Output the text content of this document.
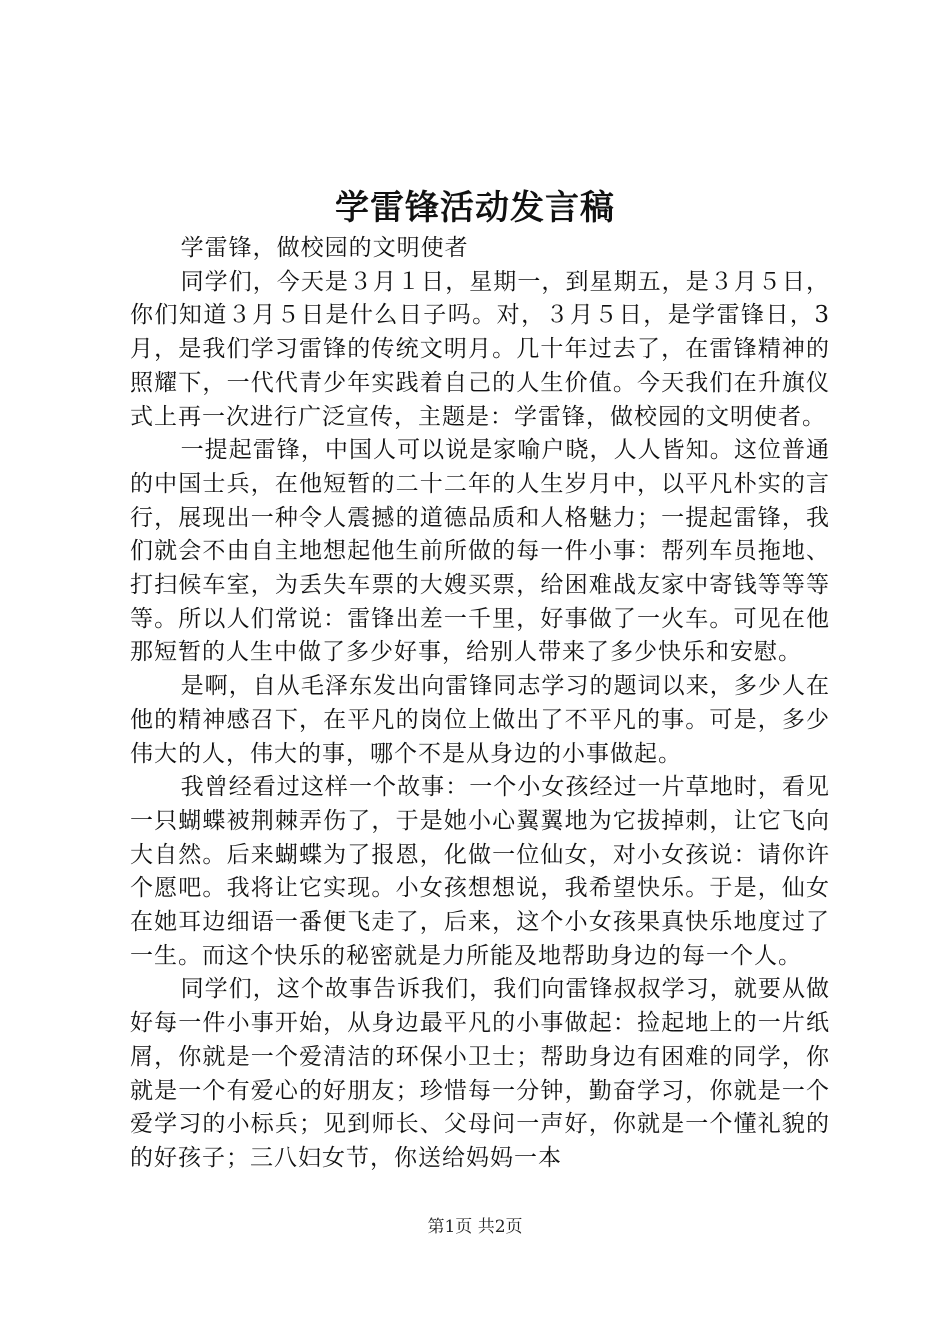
学雷锋活动发言稿

学雷锋，做校园的文明使者

同学们，今天是３月１日，星期一，到星期五，是３月５日，你们知道３月５日是什么日子吗。对，３月５日，是学雷锋日，3月，是我们学习雷锋的传统文明月。几十年过去了，在雷锋精神的照耀下，一代代青少年实践着自己的人生价值。今天我们在升旗仪式上再一次进行广泛宣传，主题是：学雷锋，做校园的文明使者。

一提起雷锋，中国人可以说是家喻户晓，人人皆知。这位普通的中国士兵，在他短暂的二十二年的人生岁月中，以平凡朴实的言行，展现出一种令人震撼的道德品质和人格魅力；一提起雷锋，我们就会不由自主地想起他生前所做的每一件小事：帮列车员拖地、打扫候车室，为丢失车票的大嫂买票，给困难战友家中寄钱等等等等。所以人们常说：雷锋出差一千里，好事做了一火车。可见在他那短暂的人生中做了多少好事，给别人带来了多少快乐和安慰。

是啊，自从毛泽东发出向雷锋同志学习的题词以来，多少人在他的精神感召下，在平凡的岗位上做出了不平凡的事。可是，多少伟大的人，伟大的事，哪个不是从身边的小事做起。

我曾经看过这样一个故事：一个小女孩经过一片草地时，看见一只蝴蝶被荆棘弄伤了，于是她小心翼翼地为它拔掉刺，让它飞向大自然。后来蝴蝶为了报恩，化做一位仙女，对小女孩说：请你许个愿吧。我将让它实现。小女孩想想说，我希望快乐。于是，仙女在她耳边细语一番便飞走了，后来，这个小女孩果真快乐地度过了一生。而这个快乐的秘密就是力所能及地帮助身边的每一个人。

同学们，这个故事告诉我们，我们向雷锋叔叔学习，就要从做好每一件小事开始，从身边最平凡的小事做起：捡起地上的一片纸屑，你就是一个爱清洁的环保小卫士；帮助身边有困难的同学，你就是一个有爱心的好朋友；珍惜每一分钟，勤奋学习，你就是一个爱学习的小标兵；见到师长、父母问一声好，你就是一个懂礼貌的的好孩子；三八妇女节，你送给妈妈一本

第1页 共2页
